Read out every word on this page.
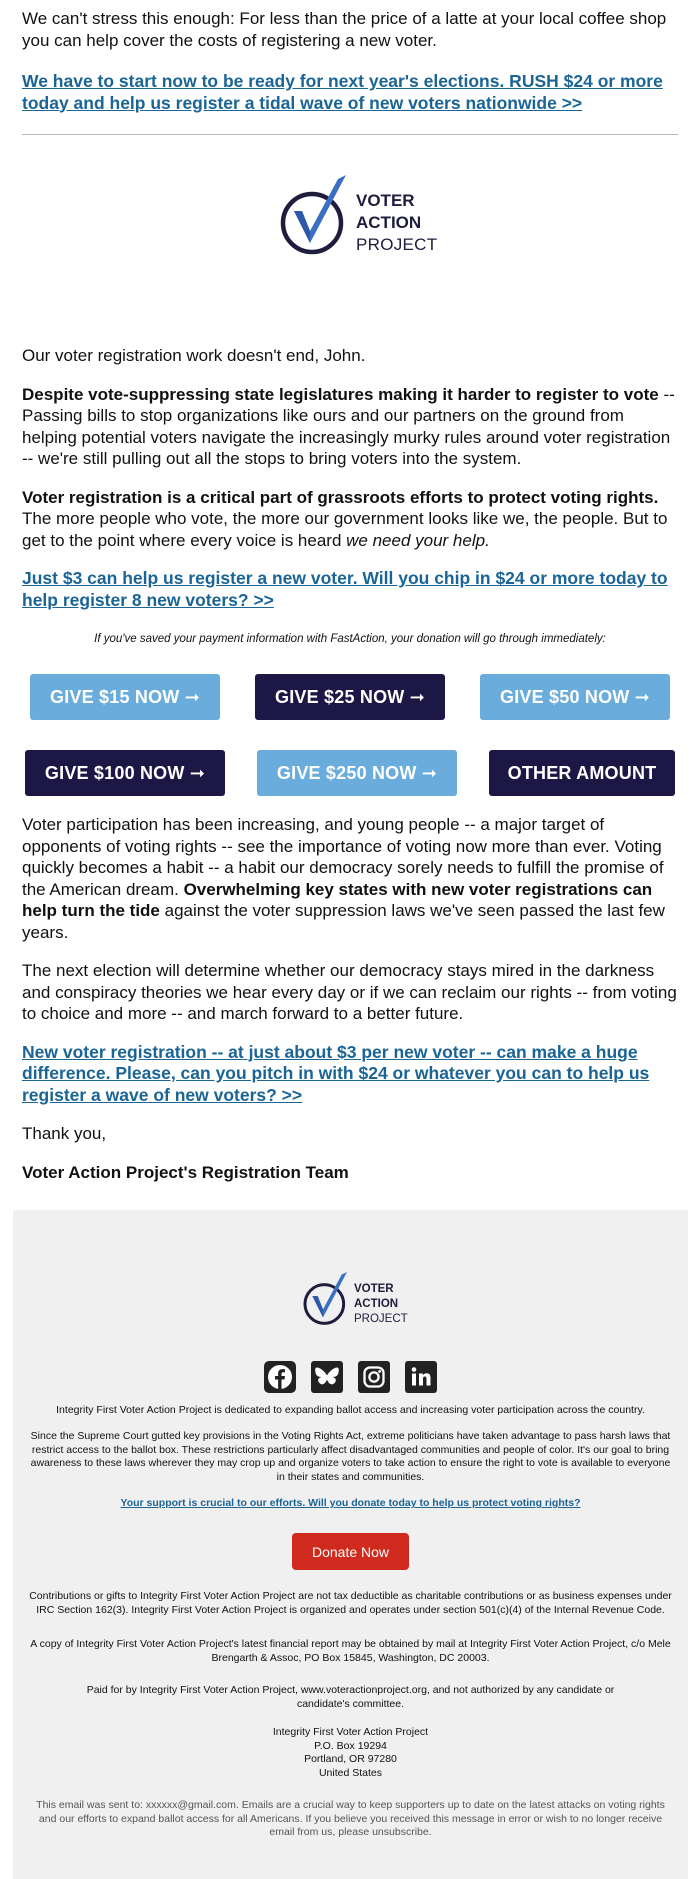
We can't stress this enough: For less than the price of a latte at your local coffee shop you can help cover the costs of registering a new voter.

We have to start now to be ready for next year's elections. RUSH $24 or more today and help us register a tidal wave of new voters nationwide >>
VOTER
ACTION
PROJECT

Our voter registration work doesn't end, John.

Despite vote-suppressing state legislatures making it harder to register to vote -- Passing bills to stop organizations like ours and our partners on the ground from helping potential voters navigate the increasingly murky rules around voter registration -- we're still pulling out all the stops to bring voters into the system.

Voter registration is a critical part of grassroots efforts to protect voting rights. The more people who vote, the more our government looks like we, the people. But to get to the point where every voice is heard we need your help.

Just $3 can help us register a new voter. Will you chip in $24 or more today to help register 8 new voters? >>

If you've saved your payment information with FastAction, your donation will go through immediately:

GIVE $15 NOW ➞	GIVE $25 NOW ➞	GIVE $50 NOW ➞
GIVE $100 NOW ➞	GIVE $250 NOW ➞	OTHER AMOUNT

Voter participation has been increasing, and young people -- a major target of opponents of voting rights -- see the importance of voting now more than ever. Voting quickly becomes a habit -- a habit our democracy sorely needs to fulfill the promise of the American dream. Overwhelming key states with new voter registrations can help turn the tide against the voter suppression laws we've seen passed the last few years.

The next election will determine whether our democracy stays mired in the darkness and conspiracy theories we hear every day or if we can reclaim our rights -- from voting to choice and more -- and march forward to a better future.

New voter registration -- at just about $3 per new voter -- can make a huge difference. Please, can you pitch in with $24 or whatever you can to help us register a wave of new voters? >>

Thank you,

Voter Action Project's Registration Team

VOTER
ACTION
PROJECT

Integrity First Voter Action Project is dedicated to expanding ballot access and increasing voter participation across the country.

Since the Supreme Court gutted key provisions in the Voting Rights Act, extreme politicians have taken advantage to pass harsh laws that restrict access to the ballot box. These restrictions particularly affect disadvantaged communities and people of color. It's our goal to bring awareness to these laws wherever they may crop up and organize voters to take action to ensure the right to vote is available to everyone in their states and communities.

Your support is crucial to our efforts. Will you donate today to help us protect voting rights?
Donate Now

Contributions or gifts to Integrity First Voter Action Project are not tax deductible as charitable contributions or as business expenses under IRC Section 162(3). Integrity First Voter Action Project is organized and operates under section 501(c)(4) of the Internal Revenue Code.

A copy of Integrity First Voter Action Project's latest financial report may be obtained by mail at Integrity First Voter Action Project, c/o Mele Brengarth & Assoc, PO Box 15845, Washington, DC 20003.

Paid for by Integrity First Voter Action Project, www.voteractionproject.org, and not authorized by any candidate or candidate's committee.

Integrity First Voter Action Project
P.O. Box 19294
Portland, OR 97280
United States

This email was sent to: xxxxxx@gmail.com. Emails are a crucial way to keep supporters up to date on the latest attacks on voting rights and our efforts to expand ballot access for all Americans. If you believe you received this message in error or wish to no longer receive email from us, please unsubscribe.
